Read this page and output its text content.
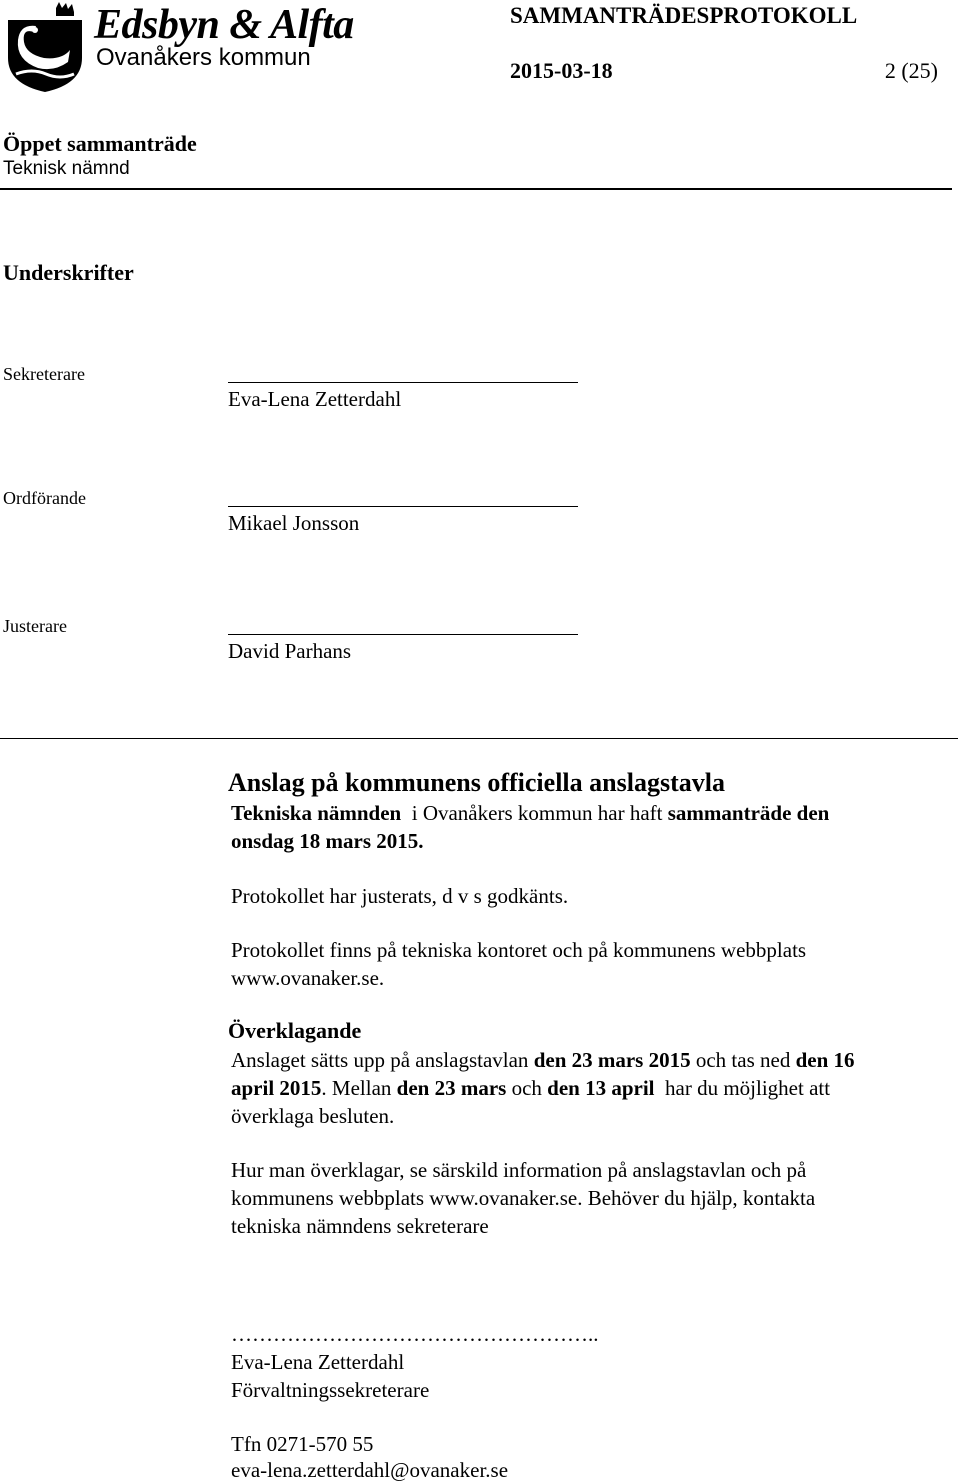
Edsbyn & Alfta
Ovanåkers kommun
SAMMANTRÄDESPROTOKOLL
2015-03-18	2 (25)
Öppet sammanträde
Teknisk nämnd
Underskrifter
Sekreterare
Eva-Lena Zetterdahl
Ordförande
Mikael Jonsson
Justerare
David Parhans
Anslag på kommunens officiella anslagstavla
Tekniska nämnden  i Ovanåkers kommun har haft sammanträde den
onsdag 18 mars 2015.
Protokollet har justerats, d v s godkänts.
Protokollet finns på tekniska kontoret och på kommunens webbplats
www.ovanaker.se.
Överklagande
Anslaget sätts upp på anslagstavlan den 23 mars 2015 och tas ned den 16
april 2015. Mellan den 23 mars och den 13 april  har du möjlighet att
överklaga besluten.
Hur man överklagar, se särskild information på anslagstavlan och på
kommunens webbplats www.ovanaker.se. Behöver du hjälp, kontakta
tekniska nämndens sekreterare
……………………………………………..
Eva-Lena Zetterdahl
Förvaltningssekreterare
Tfn 0271-570 55
eva-lena.zetterdahl@ovanaker.se
